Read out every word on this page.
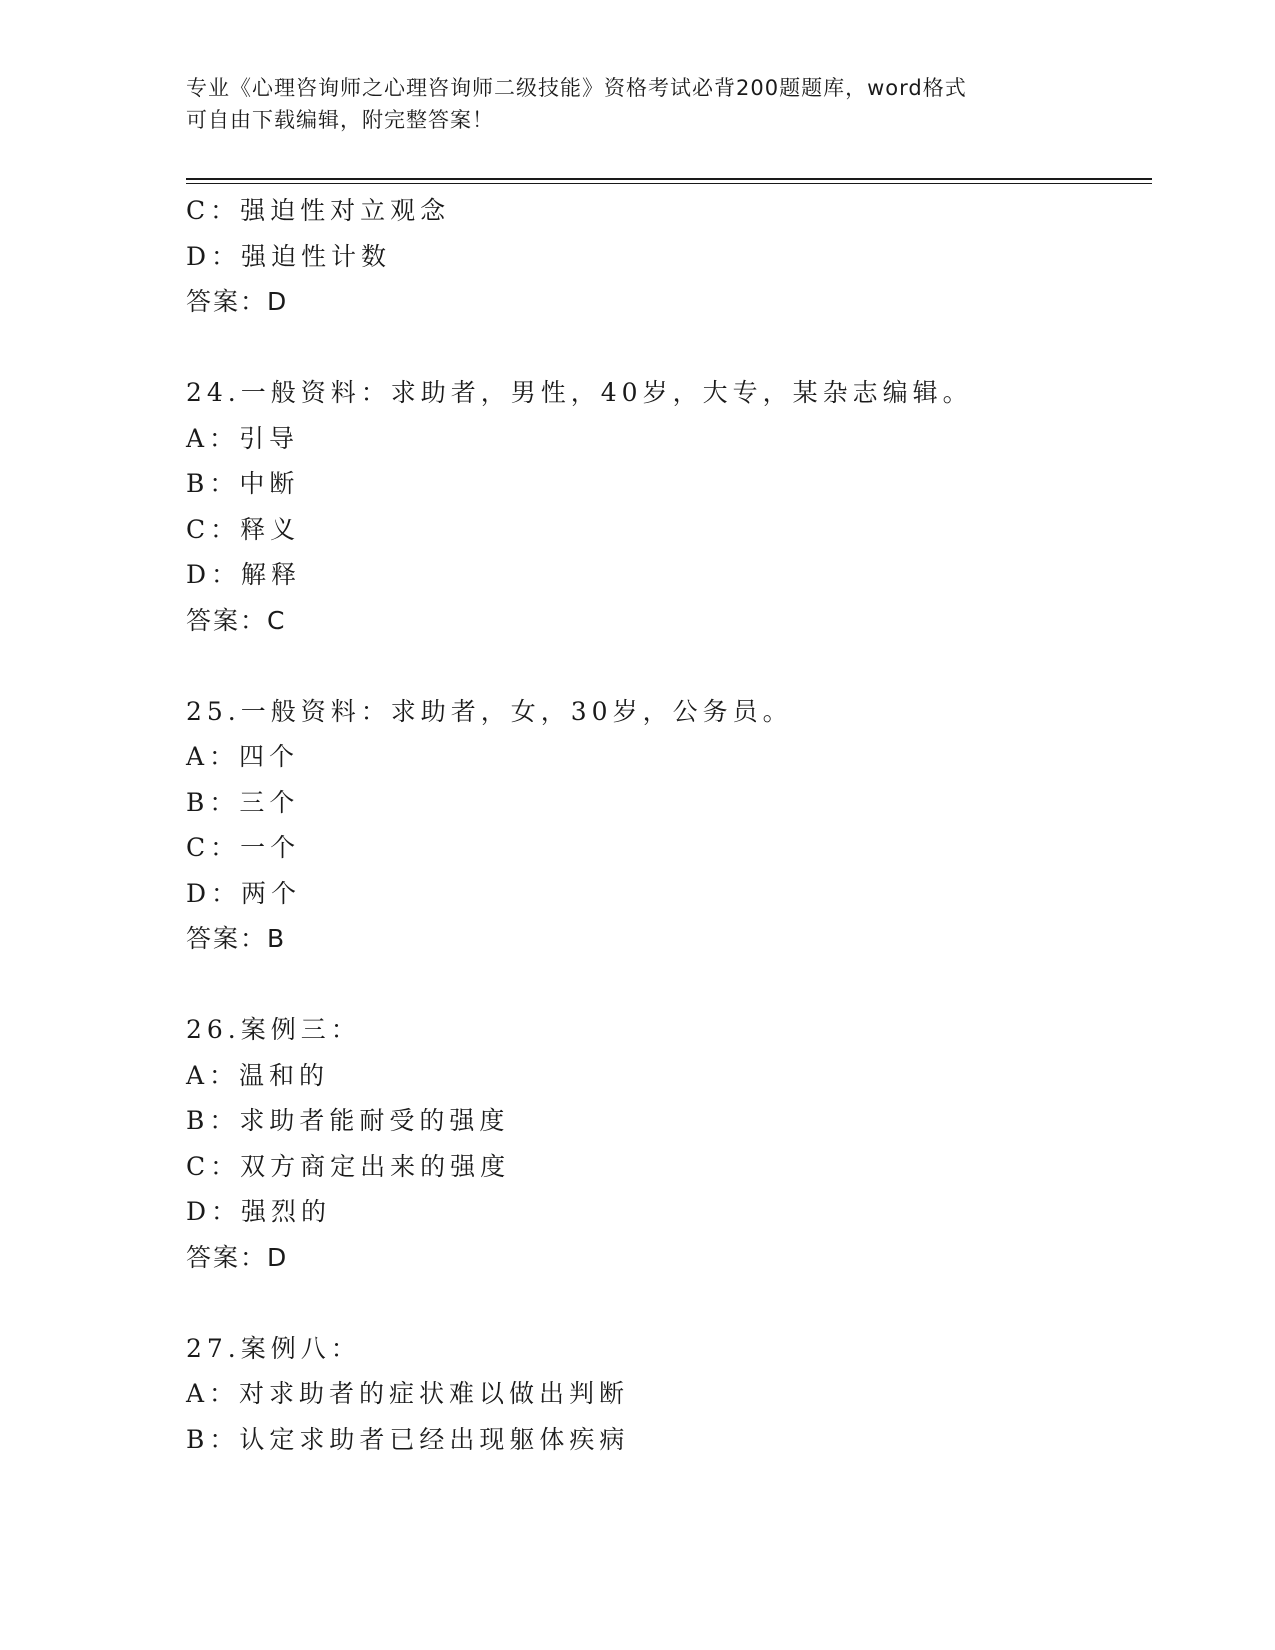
专业《心理咨询师之心理咨询师二级技能》资格考试必背200题题库，word格式
可自由下载编辑，附完整答案！
C：强迫性对立观念
D：强迫性计数
答案：D
24.一般资料：求助者，男性，40岁，大专，某杂志编辑。
A：引导
B：中断
C：释义
D：解释
答案：C
25.一般资料：求助者，女，30岁，公务员。
A：四个
B：三个
C：一个
D：两个
答案：B
26.案例三：
A：温和的
B：求助者能耐受的强度
C：双方商定出来的强度
D：强烈的
答案：D
27.案例八：
A：对求助者的症状难以做出判断
B：认定求助者已经出现躯体疾病
